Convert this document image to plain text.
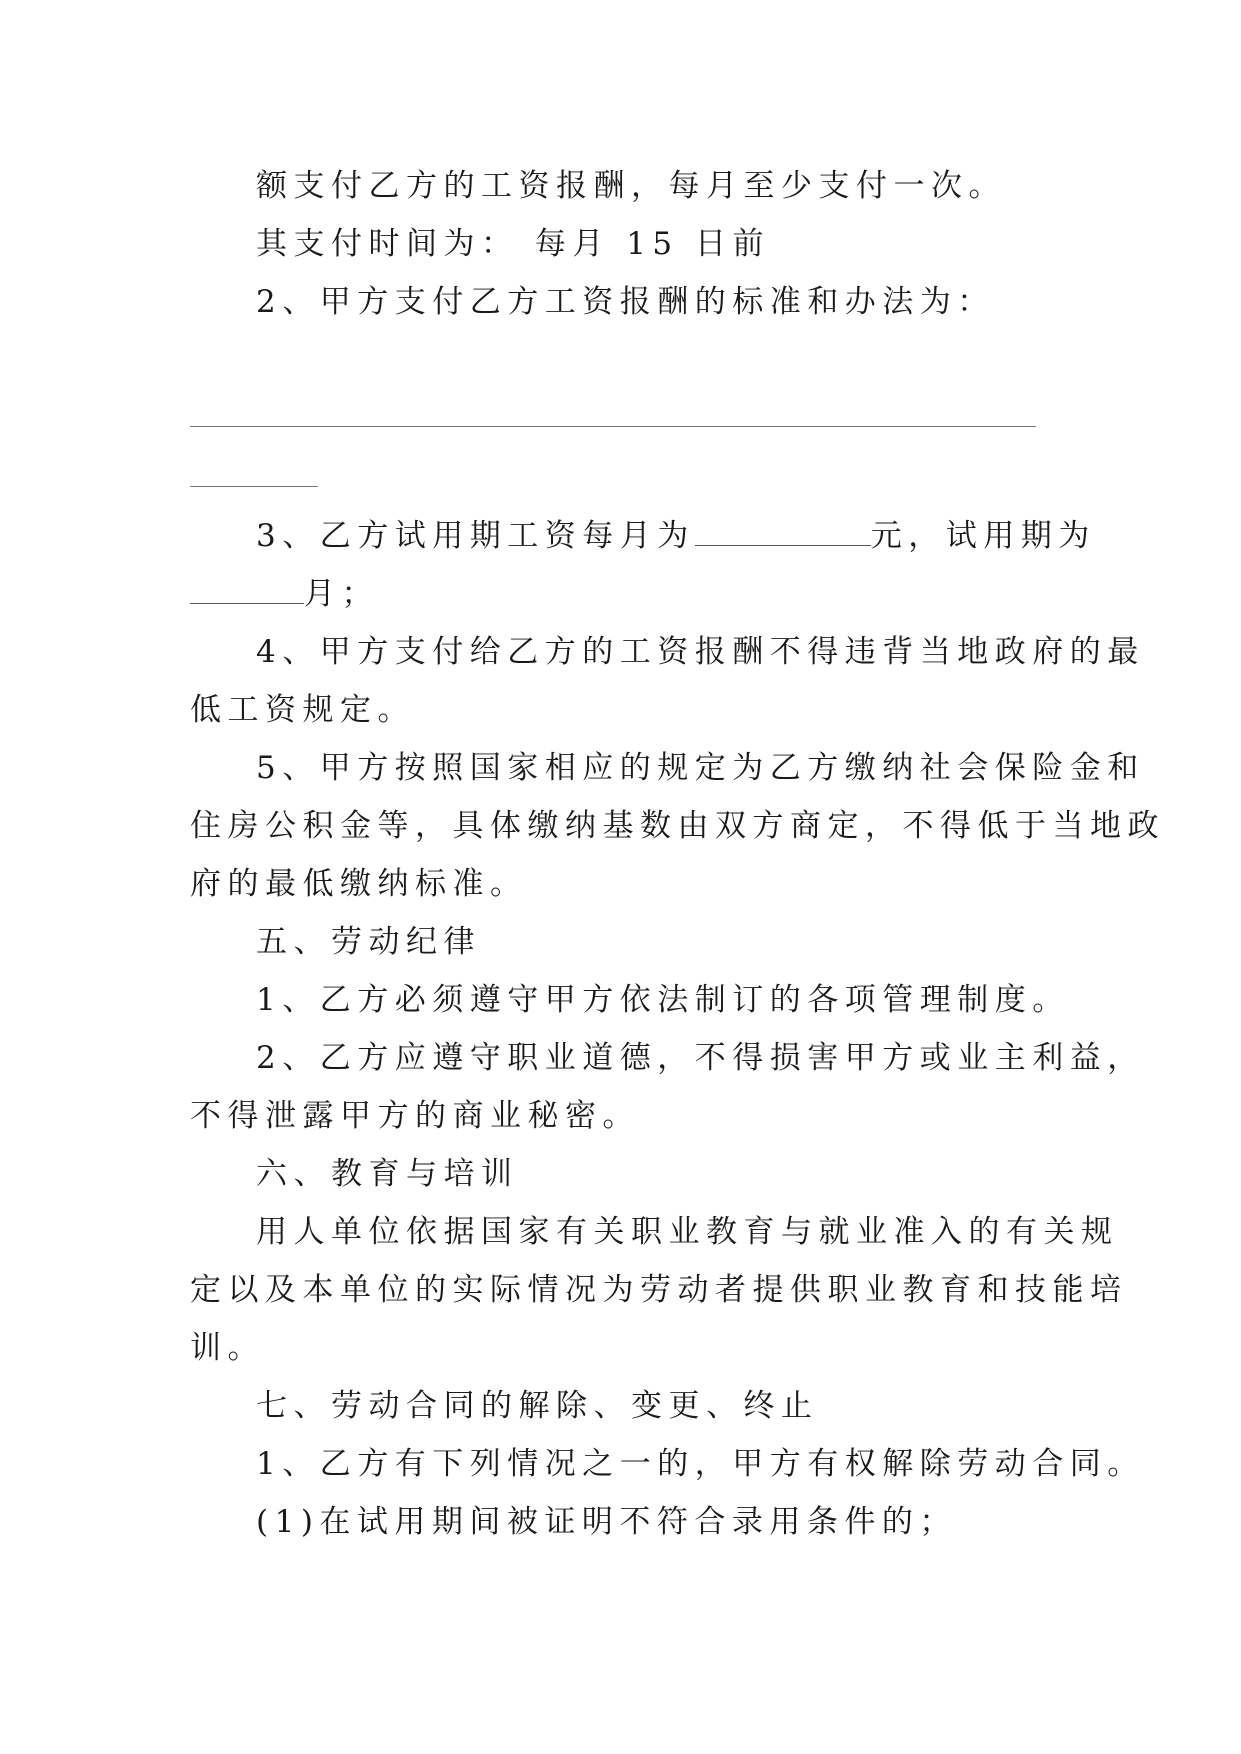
额支付乙方的工资报酬，每月至少支付一次。
其支付时间为： 每月 15 日前
2、甲方支付乙方工资报酬的标准和办法为：
3、乙方试用期工资每月为	元，试用期为
月；
4、甲方支付给乙方的工资报酬不得违背当地政府的最
低工资规定。
5、甲方按照国家相应的规定为乙方缴纳社会保险金和
住房公积金等，具体缴纳基数由双方商定，不得低于当地政
府的最低缴纳标准。
五、劳动纪律
1、乙方必须遵守甲方依法制订的各项管理制度。
2、乙方应遵守职业道德，不得损害甲方或业主利益，
不得泄露甲方的商业秘密。
六、教育与培训
用人单位依据国家有关职业教育与就业准入的有关规
定以及本单位的实际情况为劳动者提供职业教育和技能培
训。
七、劳动合同的解除、变更、终止
1、乙方有下列情况之一的，甲方有权解除劳动合同。
(1)在试用期间被证明不符合录用条件的；
